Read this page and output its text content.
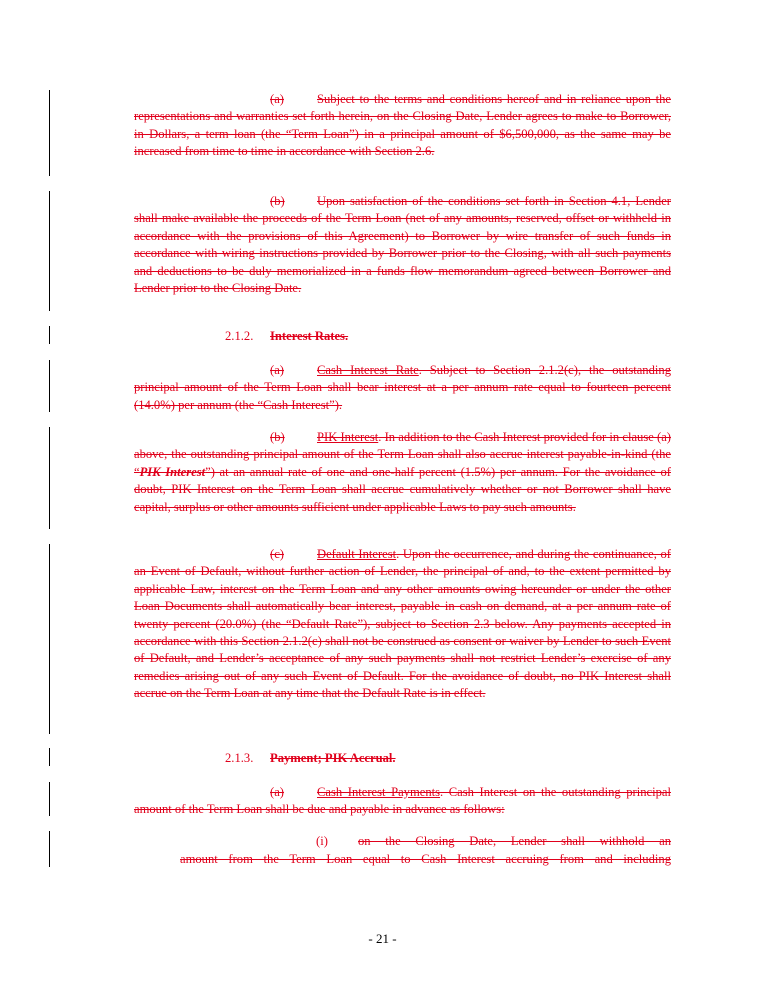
(a)	Subject to the terms and conditions hereof and in reliance upon the representations and warranties set forth herein, on the Closing Date, Lender agrees to make to Borrower, in Dollars, a term loan (the “Term Loan”) in a principal amount of $6,500,000, as the same may be increased from time to time in accordance with Section 2.6.

(b)	Upon satisfaction of the conditions set forth in Section 4.1, Lender shall make available the proceeds of the Term Loan (net of any amounts, reserved, offset or withheld in accordance with the provisions of this Agreement) to Borrower by wire transfer of such funds in accordance with wiring instructions provided by Borrower prior to the Closing, with all such payments and deductions to be duly memorialized in a funds flow memorandum agreed between Borrower and Lender prior to the Closing Date.

2.1.2. Interest Rates.

(a)	Cash Interest Rate. Subject to Section 2.1.2(c), the outstanding principal amount of the Term Loan shall bear interest at a per annum rate equal to fourteen percent (14.0%) per annum (the “Cash Interest”).

(b)	PIK Interest. In addition to the Cash Interest provided for in clause (a) above, the outstanding principal amount of the Term Loan shall also accrue interest payable-in-kind (the “PIK Interest”) at an annual rate of one and one-half percent (1.5%) per annum. For the avoidance of doubt, PIK Interest on the Term Loan shall accrue cumulatively whether or not Borrower shall have capital, surplus or other amounts sufficient under applicable Laws to pay such amounts.

(c)	Default Interest. Upon the occurrence, and during the continuance, of an Event of Default, without further action of Lender, the principal of and, to the extent permitted by applicable Law, interest on the Term Loan and any other amounts owing hereunder or under the other Loan Documents shall automatically bear interest, payable in cash on demand, at a per annum rate of twenty percent (20.0%) (the “Default Rate”), subject to Section 2.3 below. Any payments accepted in accordance with this Section 2.1.2(c) shall not be construed as consent or waiver by Lender to such Event of Default, and Lender’s acceptance of any such payments shall not restrict Lender’s exercise of any remedies arising out of any such Event of Default. For the avoidance of doubt, no PIK Interest shall accrue on the Term Loan at any time that the Default Rate is in effect.

2.1.3. Payment; PIK Accrual.

(a)	Cash Interest Payments. Cash Interest on the outstanding principal amount of the Term Loan shall be due and payable in advance as follows:

(i) on the Closing Date, Lender shall withhold an

amount from the Term Loan equal to Cash Interest accruing from and including

- 21 -
